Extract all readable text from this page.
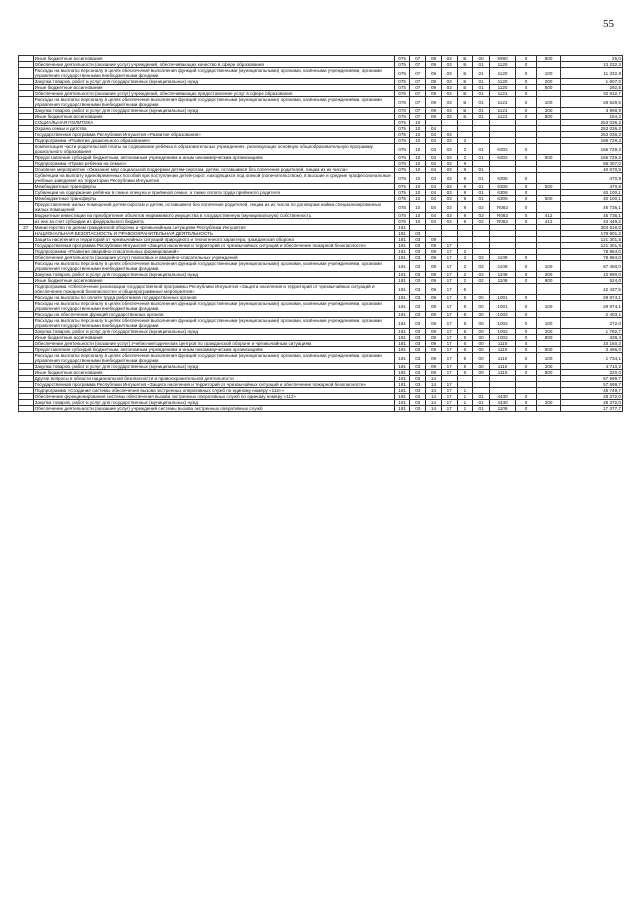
55
	Иные бюджетные ассигнования	075	07	09	03	Б	00	5990	0	800	25,0
	Обеспечение деятельности (оказание услуг) учреждений, обеспечивающих качество в сфере образования	075	07	09	03	Б	01	1120	0		13 232,3
	Расходы на выплаты персоналу в целях обеспечения выполнения функций государственными (муниципальными) органами, казёнными учреждениями, органами управления государственными внебюджетными фондами	075	07	09	03	Б	01	1120	0	100	11 332,8
	Закупка товаров, работ и услуг для государственных (муниципальных) нужд	075	07	09	03	Б	01	1120	0	200	1 607,0
	Иные бюджетные ассигнования	075	07	09	03	Б	01	1120	0	800	292,5
	Обеспечение деятельности (оказание услуг) учреждений, обеспечивающих предоставление услуг в сфере образования	075	07	09	03	Б	01	1121	0		32 812,7
	Расходы на выплаты персоналу в целях обеспечения выполнения функций государственными (муниципальными) органами, казёнными учреждениями, органами управления государственными внебюджетными фондами	075	07	09	03	Б	01	1121	0	100	28 629,6
	Закупка товаров, работ и услуг для государственных (муниципальных) нужд	075	07	09	03	Б	01	1121	0	200	3 998,9
	Иные бюджетные ассигнования	075	07	09	03	Б	01	1121	0	800	184,2
	СОЦИАЛЬНАЯ ПОЛИТИКА	075	10								253 036,2
	Охрана семьи и детства	075	10	04							253 036,2
	Государственная программа Республики Ингушетия «Развитие образования»	075	10	04	03						253 036,2
	Подпрограмма «Развитие дошкольного образования»	075	10	04	03	2					166 729,2
	Компенсация части родительской платы за содержание ребёнка в образовательных учреждениях, реализующих основную общеобразовательную программу дошкольного образования	075	10	04	03	2	01	6302	0		166 729,2
	Предоставление субсидий бюджетным, автономным учреждениям и иным некоммерческим организациям	075	10	04	03	2	01	6302	0	600	166 729,2
	Подпрограмма «Право ребёнка на семью»	075	10	04	03	9					86 307,0
	Основное мероприятие «Оказание мер социальной поддержки детям-сиротам, детям, оставшимся без попечения родителей, лицам из их числа»	075	10	04	03	9	01				40 570,9
	Субвенции на выплату единовременных пособий при поступлении детей-сирот, находящихся под опекой (попечительством), в высшие и средние профессиональные учебные заведения на территории Республики Ингушетия	075	10	04	03	9	01	6305	0		470,8
	Межбюджетные трансферты	075	10	04	03	9	01	6305	0	500	470,8
	Субвенции на содержание ребёнка в семье опекуна и приёмной семье, а также оплата труда приёмного родителя	075	10	04	03	9	01	6306	0		40 100,1
	Межбюджетные трансферты	075	10	04	03	9	01	6306	0	500	40 100,1
	Предоставление жилых помещений детям-сиротам и детям, оставшимся без попечения родителей, лицам из их числа по договорам найма специализированных жилых помещений	075	10	04	03	9	02	R082	0		45 736,1
	Бюджетные инвестиции на приобретение объектов недвижимого имущества в государственную (муниципальную) собственность	075	10	04	03	9	02	R082	0	412	45 736,1
	из них за счет субсидии из федерального бюджета	075	10	04	03	9	02	R082	0	412	43 449,2
27	Министерство по делам гражданской обороны и чрезвычайным ситуациям Республики Ингушетия	181									304 616,0
	НАЦИОНАЛЬНАЯ БЕЗОПАСНОСТЬ И ПРАВООХРАНИТЕЛЬНАЯ ДЕЯТЕЛЬНОСТЬ	181	03								178 901,2
	Защита населения и территорий от чрезвычайных ситуаций природного и техногенного характера, гражданская оборона	181	03	09							121 301,5
	Государственная программа Республики Ингушетия «Защита населения и территорий от чрезвычайных ситуаций и обеспечение пожарной безопасности»	181	03	09	17						121 301,5
	Подпрограмма «Развитие аварийно-спасательных формирований»	181	03	09	17	2					78 864,0
	Обеспечение деятельности (оказание услуг) поисковых и аварийно-спасательных учреждений	181	03	09	17	2	02	1108	0		78 864,0
	Расходы на выплаты персоналу в целях обеспечения выполнения функций государственными (муниципальными) органами, казёнными учреждениями, органами управления государственными внебюджетными фондами	181	03	09	17	2	02	1108	0	100	67 450,0
	Закупка товаров, работ и услуг для государственных (муниципальных) нужд	181	03	09	17	2	02	1108	0	200	10 890,0
	Иные бюджетные ассигнования	181	03	09	17	2	02	1108	0	800	524,0
	Подпрограмма «Обеспечение реализации государственной программы Республики Ингушетия «Защита населения и территорий от чрезвычайных ситуаций и обеспечение пожарной безопасности» и общепрограммные мероприятия»	181	03	09	17	5					42 437,5
	Расходы на выплаты по оплате труда работников государственных органов	181	03	09	17	5	00	1001	0		29 874,1
	Расходы на выплаты персоналу в целях обеспечения выполнения функций государственными (муниципальными) органами, казёнными учреждениями, органами управления государственными внебюджетными фондами	181	03	09	17	5	00	1001	0	100	29 874,1
	Расходы на обеспечение функций государственных органов	181	03	09	17	5	00	1002	0		2 403,1
	Расходы на выплаты персоналу в целях обеспечения выполнения функций государственными (муниципальными) органами, казёнными учреждениями, органами управления государственными внебюджетными фондами	181	03	09	17	5	00	1002	0	100	272,0
	Закупка товаров, работ и услуг для государственных (муниципальных) нужд	181	03	09	17	5	00	1002	0	200	1 792,7
	Иные бюджетные ассигнования	181	03	09	17	5	00	1002	0	800	338,4
	Обеспечение деятельности (оказание услуг) Учебно-методических центров по гражданской обороне и чрезвычайным ситуациям	181	03	09	17	5	00	1110	0		10 160,3
	Предоставление субсидий бюджетным, автономным учреждениям и иным некоммерческим организациям	181	03	09	17	5	00	1110	0	600	3 496,0
	Расходы на выплаты персоналу в целях обеспечения выполнения функций государственными (муниципальными) органами, казёнными учреждениями, органами управления государственными внебюджетными фондами	181	03	09	17	5	00	1110	0	100	1 734,1
	Закупка товаров, работ и услуг для государственных (муниципальных) нужд	181	03	09	17	5	00	1110	0	200	4 710,2
	Иные бюджетные ассигнования	181	03	09	17	5	00	1110	0	800	220,0
	Другие вопросы в области национальной безопасности и правоохранительной деятельности	181	03	14							57 599,7
	Государственная программа Республики Ингушетия «Защита населения и территорий от чрезвычайных ситуаций и обеспечение пожарной безопасности»	181	03	14	17						57 599,7
	Подпрограмма «Создание системы обеспечения вызова экстренных оперативных служб по единому номеру «112»»	181	03	14	17	1					45 749,7
	Обеспечение функционирования системы обеспечения вызова экстренных оперативных служб по единому номеру «112»	181	03	14	17	1	01	4430	0		28 372,0
	Закупка товаров, работ и услуг для государственных (муниципальных) нужд	181	03	14	17	1	01	4430	0	200	28 372,0
	Обеспечение деятельности (оказание услуг) учреждений системы вызова экстренных оперативных служб	181	03	14	17	1	01	1109	0		17 377,7
